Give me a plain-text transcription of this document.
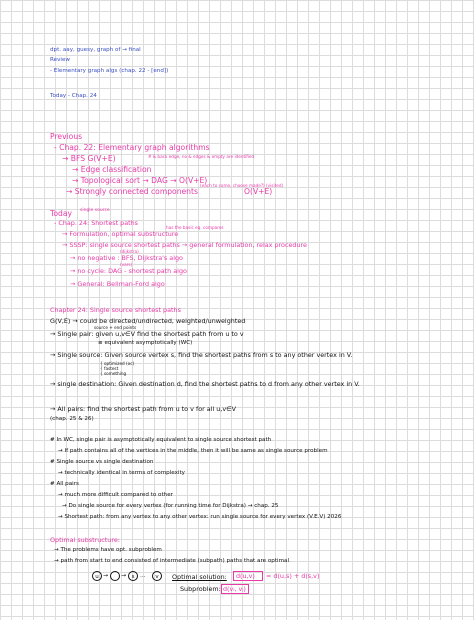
dpt. aay, guesy, graph of → final
Review
- Elementary graph algs (chap. 22 - [end])
Today - Chap. 24
Previous
- Chap. 22: Elementary graph algorithms
→ BFS G(V+E)	# & back edge, no & edges & empty are identified
→ Edge classification
→ Topological sort → DAG → O(V+E)
→ Strongly connected components
(each to come, choose made?) (visited)
O(V+E)
Today single source
- Chap. 24: Shortest paths
→ Formulation, optimal substructure
has the basic eq. compares
→ SSSP: single source shortest paths → general formulation, relax procedure
(dijkstra)
→ no negative : BFS, Dijkstra's algo
(vars)
→ no cycle: DAG - shortest path algo
→ General: Bellman-Ford algo
Chapter 24: Single source shortest paths
G(V,E) → could be directed/undirected, weighted/unweighted
source + end points
→ Single pair: given u,v∈V find the shortest path from u to v
≡ equivalent asymptotically (WC)
→ Single source: Given source vertex s, find the shortest paths from s to any other vertex in V.
{ optimized (oc)
{ fastest
{ something
→ single destination: Given destination d, find the shortest paths to d from any other vertex in V.
→ All pairs: find the shortest path from u to v for all u,v∈V
(chap. 25 & 26)
# In WC, single pair is asymptotically equivalent to single source shortest path
→ If path contains all of the vertices in the middle, then it will be same as single source problem
# Single source vs single destination
→ technically identical in terms of complexity
# All pairs
→ much more difficult compared to other
→ Do single source for every vertex (for running time for Dijkstra) → chap. 25
→ Shortest path: from any vertex to any other vertex: run single source for every vertex (V.E.V) 2026
Optimal substructure:
→ The problems have opt. subproblem
→ path from start to end consisted of intermediate (subpath) paths that are optimal
u → →	s …	v	Optimal solution: d(u,v) = d(u,s) + d(s,v)
Subproblem: d(vᵢ, vⱼ)
